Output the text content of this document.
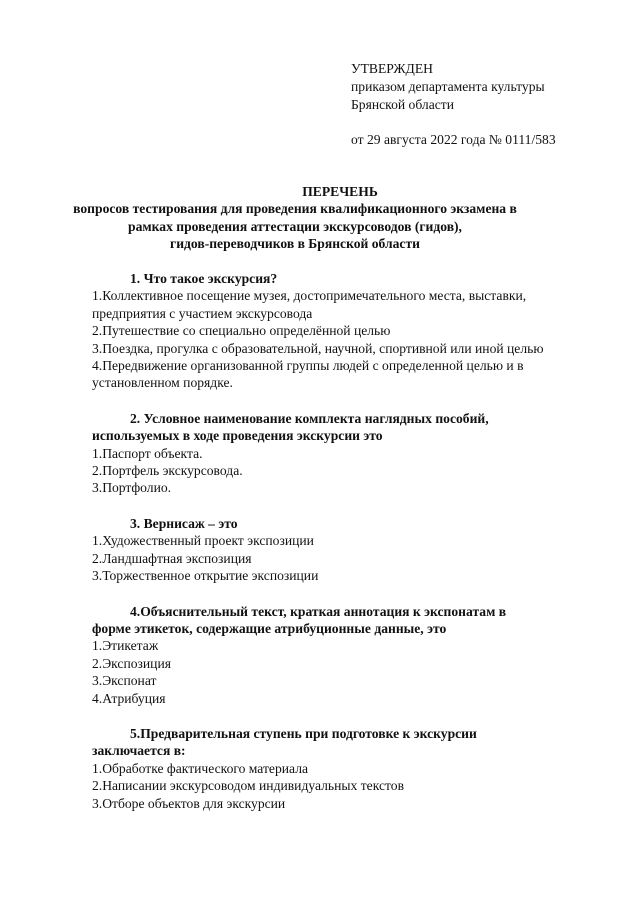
УТВЕРЖДЕН
приказом департамента культуры
Брянской области
от 29 августа 2022 года № 0111/583
ПЕРЕЧЕНЬ
вопросов тестирования для проведения квалификационного экзамена в
рамках проведения аттестации экскурсоводов (гидов),
гидов-переводчиков в Брянской области
1. Что такое экскурсия?
1.Коллективное посещение музея, достопримечательного места, выставки,
предприятия с участием экскурсовода
2.Путешествие со специально определённой целью
3.Поездка, прогулка с образовательной, научной, спортивной или иной целью
4.Передвижение организованной группы людей с определенной целью и в
установленном порядке.
2. Условное наименование комплекта наглядных пособий,
используемых в ходе проведения экскурсии это
1.Паспорт объекта.
2.Портфель экскурсовода.
3.Портфолио.
3. Вернисаж – это
1.Художественный проект экспозиции
2.Ландшафтная экспозиция
3.Торжественное открытие экспозиции
4.Объяснительный текст, краткая аннотация к экспонатам в
форме этикеток, содержащие атрибуционные данные, это
1.Этикетаж
2.Экспозиция
3.Экспонат
4.Атрибуция
5.Предварительная ступень при подготовке к экскурсии
заключается в:
1.Обработке фактического материала
2.Написании экскурсоводом индивидуальных текстов
3.Отборе объектов для экскурсии
